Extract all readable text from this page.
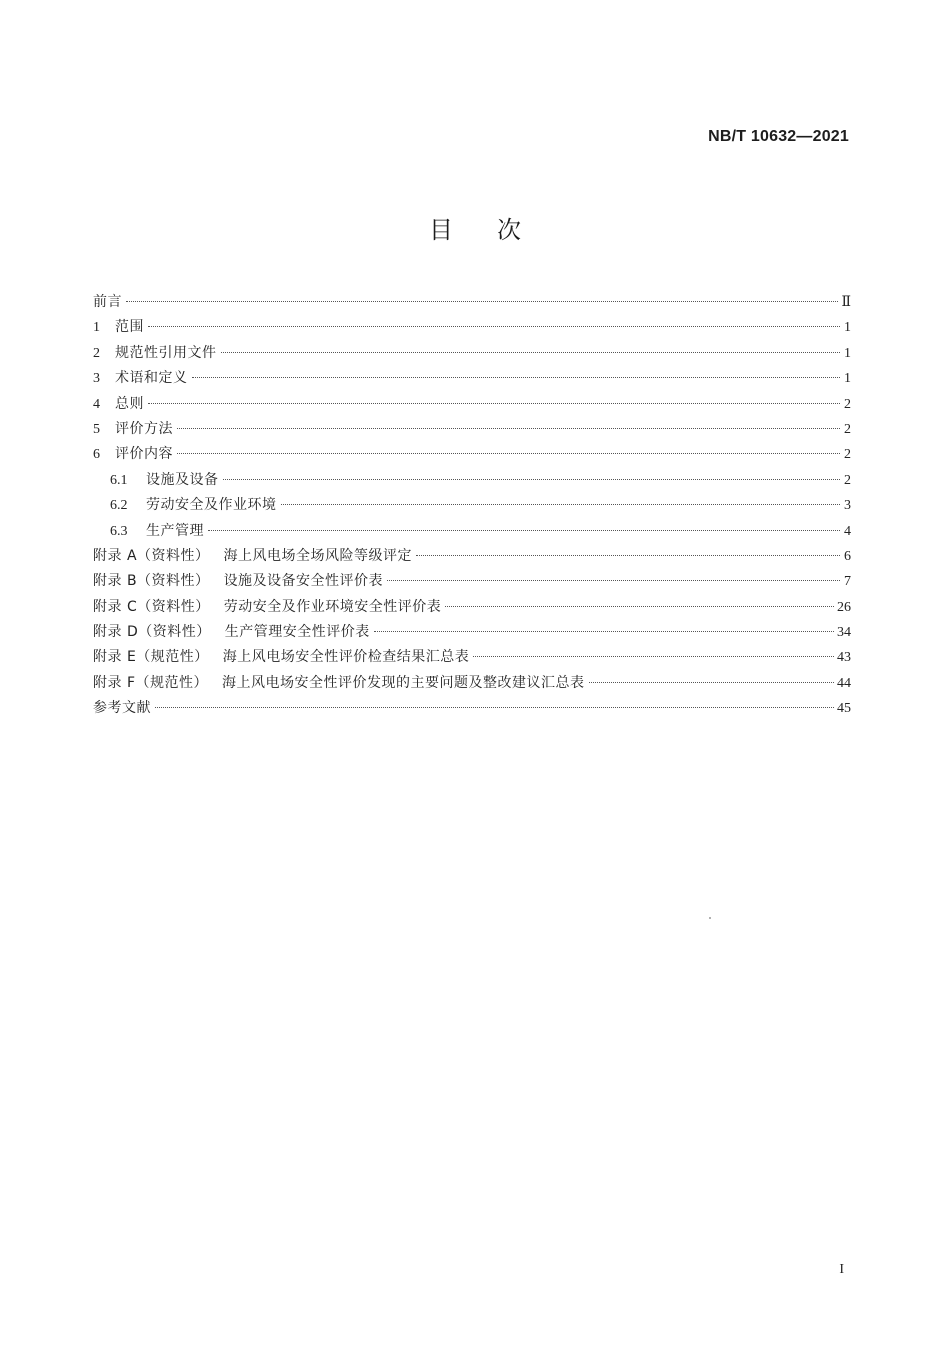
NB/T 10632—2021
目次
前言	Ⅱ
1	范围	1
2	规范性引用文件	1
3	术语和定义	1
4	总则	2
5	评价方法	2
6	评价内容	2
6.1	设施及设备	2
6.2	劳动安全及作业环境	3
6.3	生产管理	4
附录 A（资料性） 海上风电场全场风险等级评定	6
附录 B（资料性） 设施及设备安全性评价表	7
附录 C（资料性） 劳动安全及作业环境安全性评价表	26
附录 D（资料性） 生产管理安全性评价表	34
附录 E（规范性） 海上风电场安全性评价检查结果汇总表	43
附录 F（规范性） 海上风电场安全性评价发现的主要问题及整改建议汇总表	44
参考文献	45
I
